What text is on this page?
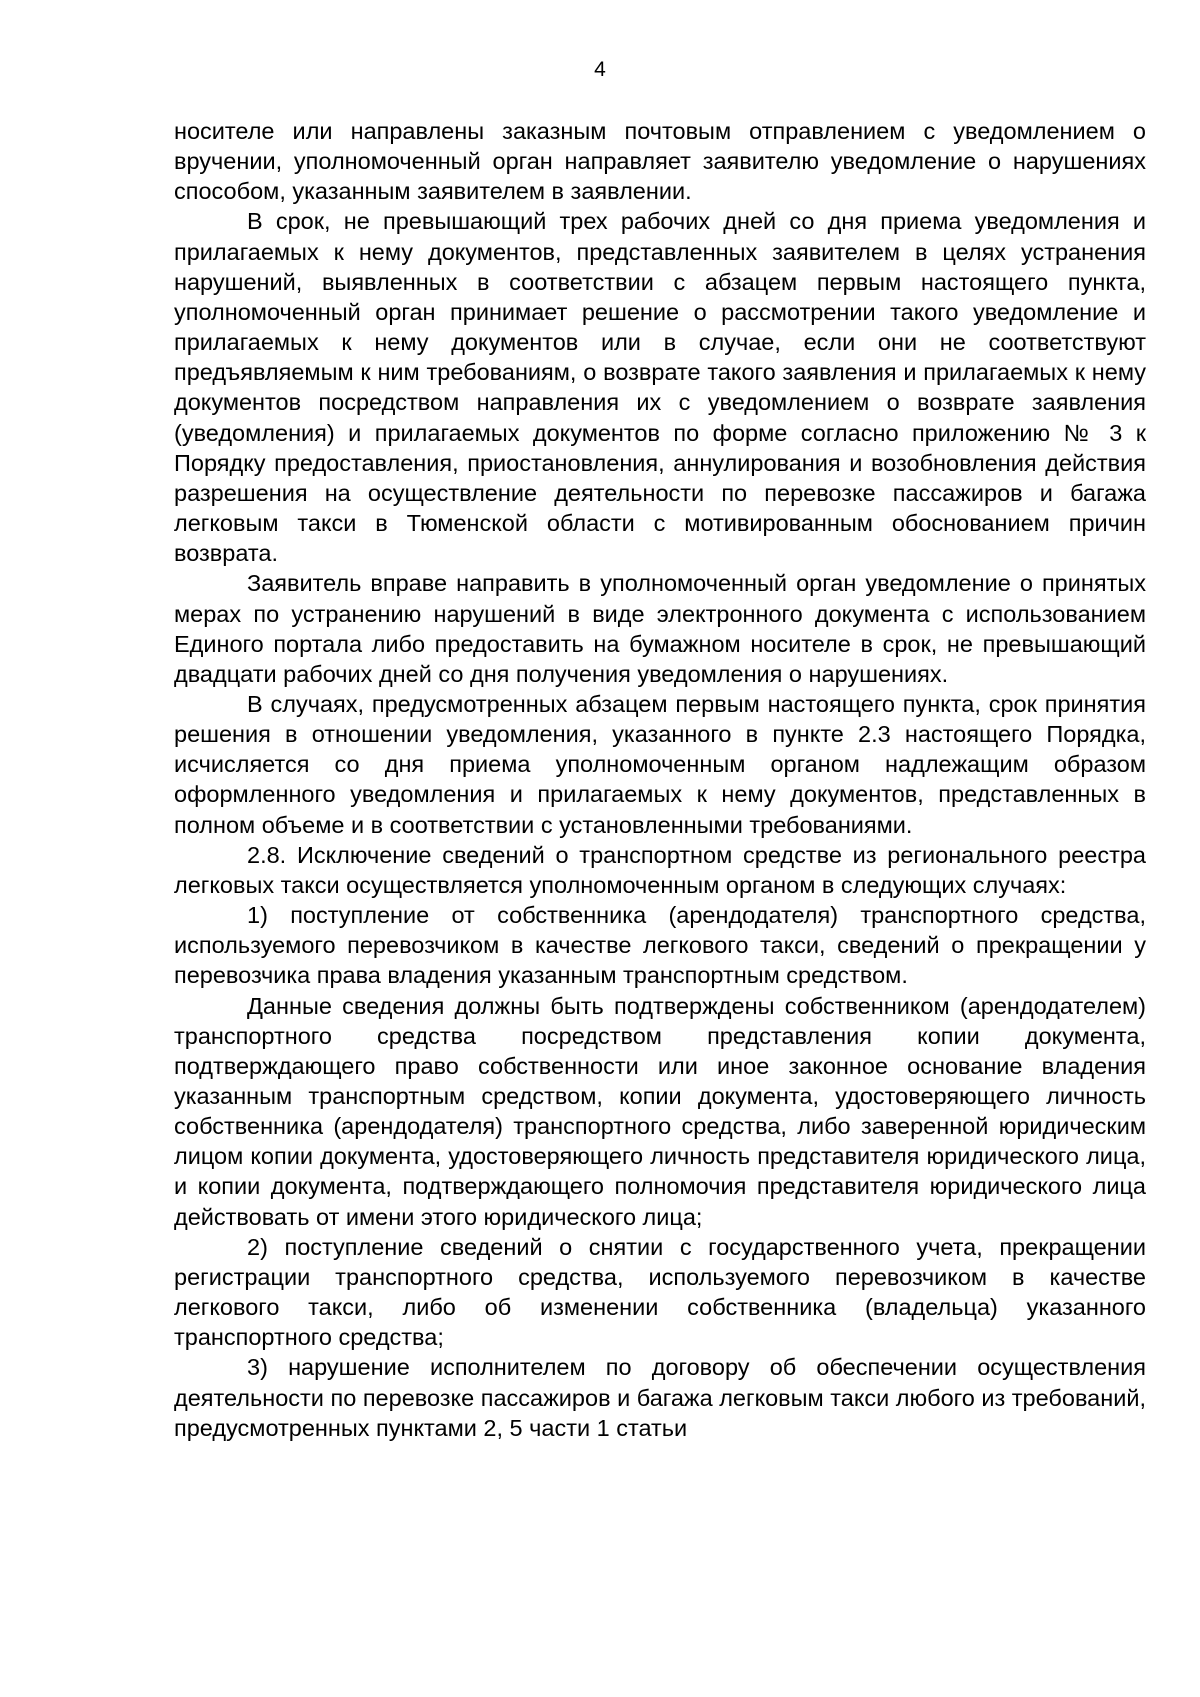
4

носителе или направлены заказным почтовым отправлением с уведомлением о вручении, уполномоченный орган направляет заявителю уведомление о нарушениях способом, указанным заявителем в заявлении.

В срок, не превышающий трех рабочих дней со дня приема уведомления и прилагаемых к нему документов, представленных заявителем в целях устранения нарушений, выявленных в соответствии с абзацем первым настоящего пункта, уполномоченный орган принимает решение о рассмотрении такого уведомление и прилагаемых к нему документов или в случае, если они не соответствуют предъявляемым к ним требованиям, о возврате такого заявления и прилагаемых к нему документов посредством направления их с уведомлением о возврате заявления (уведомления) и прилагаемых документов по форме согласно приложению № 3 к Порядку предоставления, приостановления, аннулирования и возобновления действия разрешения на осуществление деятельности по перевозке пассажиров и багажа легковым такси в Тюменской области с мотивированным обоснованием причин возврата.

Заявитель вправе направить в уполномоченный орган уведомление о принятых мерах по устранению нарушений в виде электронного документа с использованием Единого портала либо предоставить на бумажном носителе в срок, не превышающий двадцати рабочих дней со дня получения уведомления о нарушениях.

В случаях, предусмотренных абзацем первым настоящего пункта, срок принятия решения в отношении уведомления, указанного в пункте 2.3 настоящего Порядка, исчисляется со дня приема уполномоченным органом надлежащим образом оформленного уведомления и прилагаемых к нему документов, представленных в полном объеме и в соответствии с установленными требованиями.

2.8. Исключение сведений о транспортном средстве из регионального реестра легковых такси осуществляется уполномоченным органом в следующих случаях:

1) поступление от собственника (арендодателя) транспортного средства, используемого перевозчиком в качестве легкового такси, сведений о прекращении у перевозчика права владения указанным транспортным средством.

Данные сведения должны быть подтверждены собственником (арендодателем) транспортного средства посредством представления копии документа, подтверждающего право собственности или иное законное основание владения указанным транспортным средством, копии документа, удостоверяющего личность собственника (арендодателя) транспортного средства, либо заверенной юридическим лицом копии документа, удостоверяющего личность представителя юридического лица, и копии документа, подтверждающего полномочия представителя юридического лица действовать от имени этого юридического лица;

2) поступление сведений о снятии с государственного учета, прекращении регистрации транспортного средства, используемого перевозчиком в качестве легкового такси, либо об изменении собственника (владельца) указанного транспортного средства;

3) нарушение исполнителем по договору об обеспечении осуществления деятельности по перевозке пассажиров и багажа легковым такси любого из требований, предусмотренных пунктами 2, 5 части 1 статьи
